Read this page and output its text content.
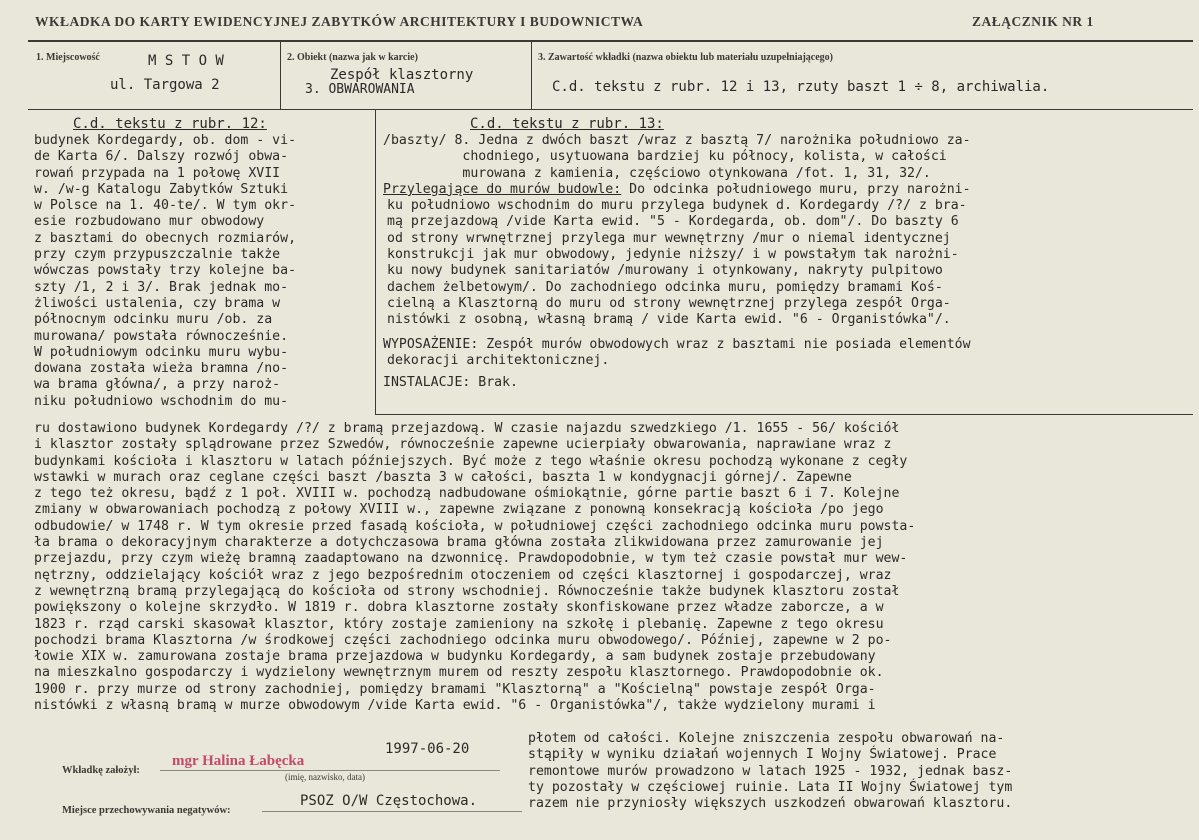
WKŁADKA DO KARTY EWIDENCYJNEJ ZABYTKÓW ARCHITEKTURY I BUDOWNICTWA	ZAŁĄCZNIK NR 1
1. Miejscowość	M S T O W
ul. Targowa 2
2. Obiekt (nazwa jak w karcie)
Zespół klasztorny
3. OBWAROWANIA
3. Zawartość wkładki (nazwa obiektu lub materiału uzupełniającego)
C.d. tekstu z rubr. 12 i 13, rzuty baszt 1 ÷ 8, archiwalia.
C.d. tekstu z rubr. 12:
budynek Kordegardy, ob. dom - vi-
de Karta 6/. Dalszy rozwój obwa-
rowań przypada na 1 połowę XVII
w. /w-g Katalogu Zabytków Sztuki
w Polsce na 1. 40-te/. W tym okr-
esie rozbudowano mur obwodowy
z basztami do obecnych rozmiarów,
przy czym przypuszczalnie także
wówczas powstały trzy kolejne ba-
szty /1, 2 i 3/. Brak jednak mo-
żliwości ustalenia, czy brama w
północnym odcinku muru /ob. za
murowana/ powstała równocześnie.
W południowym odcinku muru wybu-
dowana została wieża bramna /no-
wa brama główna/, a przy naroż-
niku południowo wschodnim do mu-
C.d. tekstu z rubr. 13:
/baszty/ 8. Jedna z dwóch baszt /wraz z basztą 7/ narożnika południowo za-
chodniego, usytuowana bardziej ku północy, kolista, w całości
murowana z kamienia, częściowo otynkowana /fot. 1, 31, 32/.
Przylegające do murów budowle: Do odcinka południowego muru, przy narożni-
ku południowo wschodnim do muru przylega budynek d. Kordegardy /?/ z bra-
mą przejazdową /vide Karta ewid. "5 - Kordegarda, ob. dom"/. Do baszty 6
od strony wrwnętrznej przylega mur wewnętrzny /mur o niemal identycznej
konstrukcji jak mur obwodowy, jedynie niższy/ i w powstałym tak narożni-
ku nowy budynek sanitariatów /murowany i otynkowany, nakryty pulpitowo
dachem żelbetowym/. Do zachodniego odcinka muru, pomiędzy bramami Koś-
cielną a Klasztorną do muru od strony wewnętrznej przylega zespół Orga-
nistówki z osobną, własną bramą / vide Karta ewid. "6 - Organistówka"/.
WYPOSAŻENIE: Zespół murów obwodowych wraz z basztami nie posiada elementów
dekoracji architektonicznej.
INSTALACJE: Brak.
ru dostawiono budynek Kordegardy /?/ z bramą przejazdową. W czasie najazdu szwedzkiego /1. 1655 - 56/ kościół
i klasztor zostały splądrowane przez Szwedów, równocześnie zapewne ucierpiały obwarowania, naprawiane wraz z
budynkami kościoła i klasztoru w latach późniejszych. Być może z tego właśnie okresu pochodzą wykonane z cegły
wstawki w murach oraz ceglane części baszt /baszta 3 w całości, baszta 1 w kondygnacji górnej/. Zapewne
z tego też okresu, bądź z 1 poł. XVIII w. pochodzą nadbudowane ośmiokątnie, górne partie baszt 6 i 7. Kolejne
zmiany w obwarowaniach pochodzą z połowy XVIII w., zapewne związane z ponowną konsekracją kościoła /po jego
odbudowie/ w 1748 r. W tym okresie przed fasadą kościoła, w południowej części zachodniego odcinka muru powsta-
ła brama o dekoracyjnym charakterze a dotychczasowa brama główna została zlikwidowana przez zamurowanie jej
przejazdu, przy czym wieżę bramną zaadaptowano na dzwonnicę. Prawdopodobnie, w tym też czasie powstał mur wew-
nętrzny, oddzielający kościół wraz z jego bezpośrednim otoczeniem od części klasztornej i gospodarczej, wraz
z wewnętrzną bramą przylegającą do kościoła od strony wschodniej. Równocześnie także budynek klasztoru został
powiększony o kolejne skrzydło. W 1819 r. dobra klasztorne zostały skonfiskowane przez władze zaborcze, a w
1823 r. rząd carski skasował klasztor, który zostaje zamieniony na szkołę i plebanię. Zapewne z tego okresu
pochodzi brama Klasztorna /w środkowej części zachodniego odcinka muru obwodowego/. Później, zapewne w 2 po-
łowie XIX w. zamurowana zostaje brama przejazdowa w budynku Kordegardy, a sam budynek zostaje przebudowany
na mieszkalno gospodarczy i wydzielony wewnętrznym murem od reszty zespołu klasztornego. Prawdopodobnie ok.
1900 r. przy murze od strony zachodniej, pomiędzy bramami "Klasztorną" a "Kościelną" powstaje zespół Orga-
nistówki z własną bramą w murze obwodowym /vide Karta ewid. "6 - Organistówka"/, także wydzielony murami i
płotem od całości. Kolejne zniszczenia zespołu obwarowań na-
stąpiły w wyniku działań wojennych I Wojny Światowej. Prace
remontowe murów prowadzono w latach 1925 - 1932, jednak basz-
ty pozostały w częściowej ruinie. Lata II Wojny Światowej tym
razem nie przyniosły większych uszkodzeń obwarowań klasztoru.
Wkładkę założył:
mgr Halina Łabęcka
1997-06-20
(imię, nazwisko, data)
Miejsce przechowywania negatywów:
PSOZ O/W Częstochowa.
